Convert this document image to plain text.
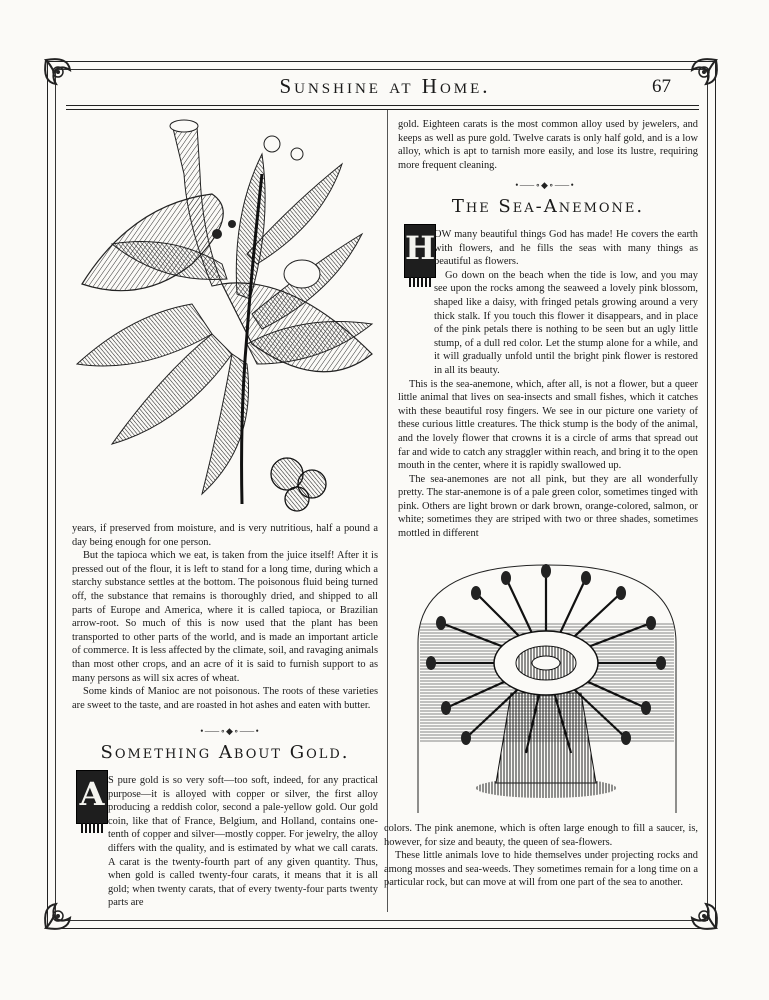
Sunshine at Home.	67

years, if preserved from moisture, and is very nutritious, half a pound a day being enough for one person.

But the tapioca which we eat, is taken from the juice itself! After it is pressed out of the flour, it is left to stand for a long time, during which a starchy substance settles at the bottom. The poisonous fluid being turned off, the substance that remains is thoroughly dried, and shipped to all parts of Europe and America, where it is called tapioca, or Brazilian arrow-root. So much of this is now used that the plant has been transported to other parts of the world, and is made an important article of commerce. It is less affected by the climate, soil, and ravaging animals than most other crops, and an acre of it is said to furnish support to as many persons as will six acres of wheat.

Some kinds of Manioc are not poisonous. The roots of these varieties are sweet to the taste, and are roasted in hot ashes and eaten with butter.

•⸺∘◆∘⸺•
Something About Gold.
A S pure gold is so very soft—too soft, indeed, for any practical purpose—it is alloyed with copper or silver, the first alloy producing a reddish color, second a pale-yellow gold. Our gold coin, like that of France, Belgium, and Holland, contains one-tenth of copper and silver—mostly copper. For jewelry, the alloy differs with the quality, and is estimated by what we call carats. A carat is the twenty-fourth part of any given quantity. Thus, when gold is called twenty-four carats, it means that it is all gold; when twenty carats, that of every twenty-four parts twenty parts are

gold. Eighteen carats is the most common alloy used by jewelers, and keeps as well as pure gold. Twelve carats is only half gold, and is a low alloy, which is apt to tarnish more easily, and lose its lustre, requiring more frequent cleaning.

•⸺∘◆∘⸺•
The Sea-Anemone.
H

OW many beautiful things God has made! He covers the earth with flowers, and he fills the seas with many things as beautiful as flowers.

Go down on the beach when the tide is low, and you may see upon the rocks among the seaweed a lovely pink blossom, shaped like a daisy, with fringed petals growing around a very thick stalk. If you touch this flower it disappears, and in place of the pink petals there is nothing to be seen but an ugly little stump, of a dull red color. Let the stump alone for a while, and it will gradually unfold until the bright pink flower is restored in all its beauty.

This is the sea-anemone, which, after all, is not a flower, but a queer little animal that lives on sea-insects and small fishes, which it catches with these beautiful rosy fingers. We see in our picture one variety of these curious little creatures. The thick stump is the body of the animal, and the lovely flower that crowns it is a circle of arms that spread out far and wide to catch any straggler within reach, and bring it to the open mouth in the center, where it is rapidly swallowed up.

The sea-anemones are not all pink, but they are all wonderfully pretty. The star-anemone is of a pale green color, sometimes tinged with pink. Others are light brown or dark brown, orange-colored, salmon, or white; sometimes they are striped with two or three shades, sometimes mottled in different

colors. The pink anemone, which is often large enough to fill a saucer, is, however, for size and beauty, the queen of sea-flowers.

These little animals love to hide themselves under projecting rocks and among mosses and sea-weeds. They sometimes remain for a long time on a particular rock, but can move at will from one part of the sea to another.
